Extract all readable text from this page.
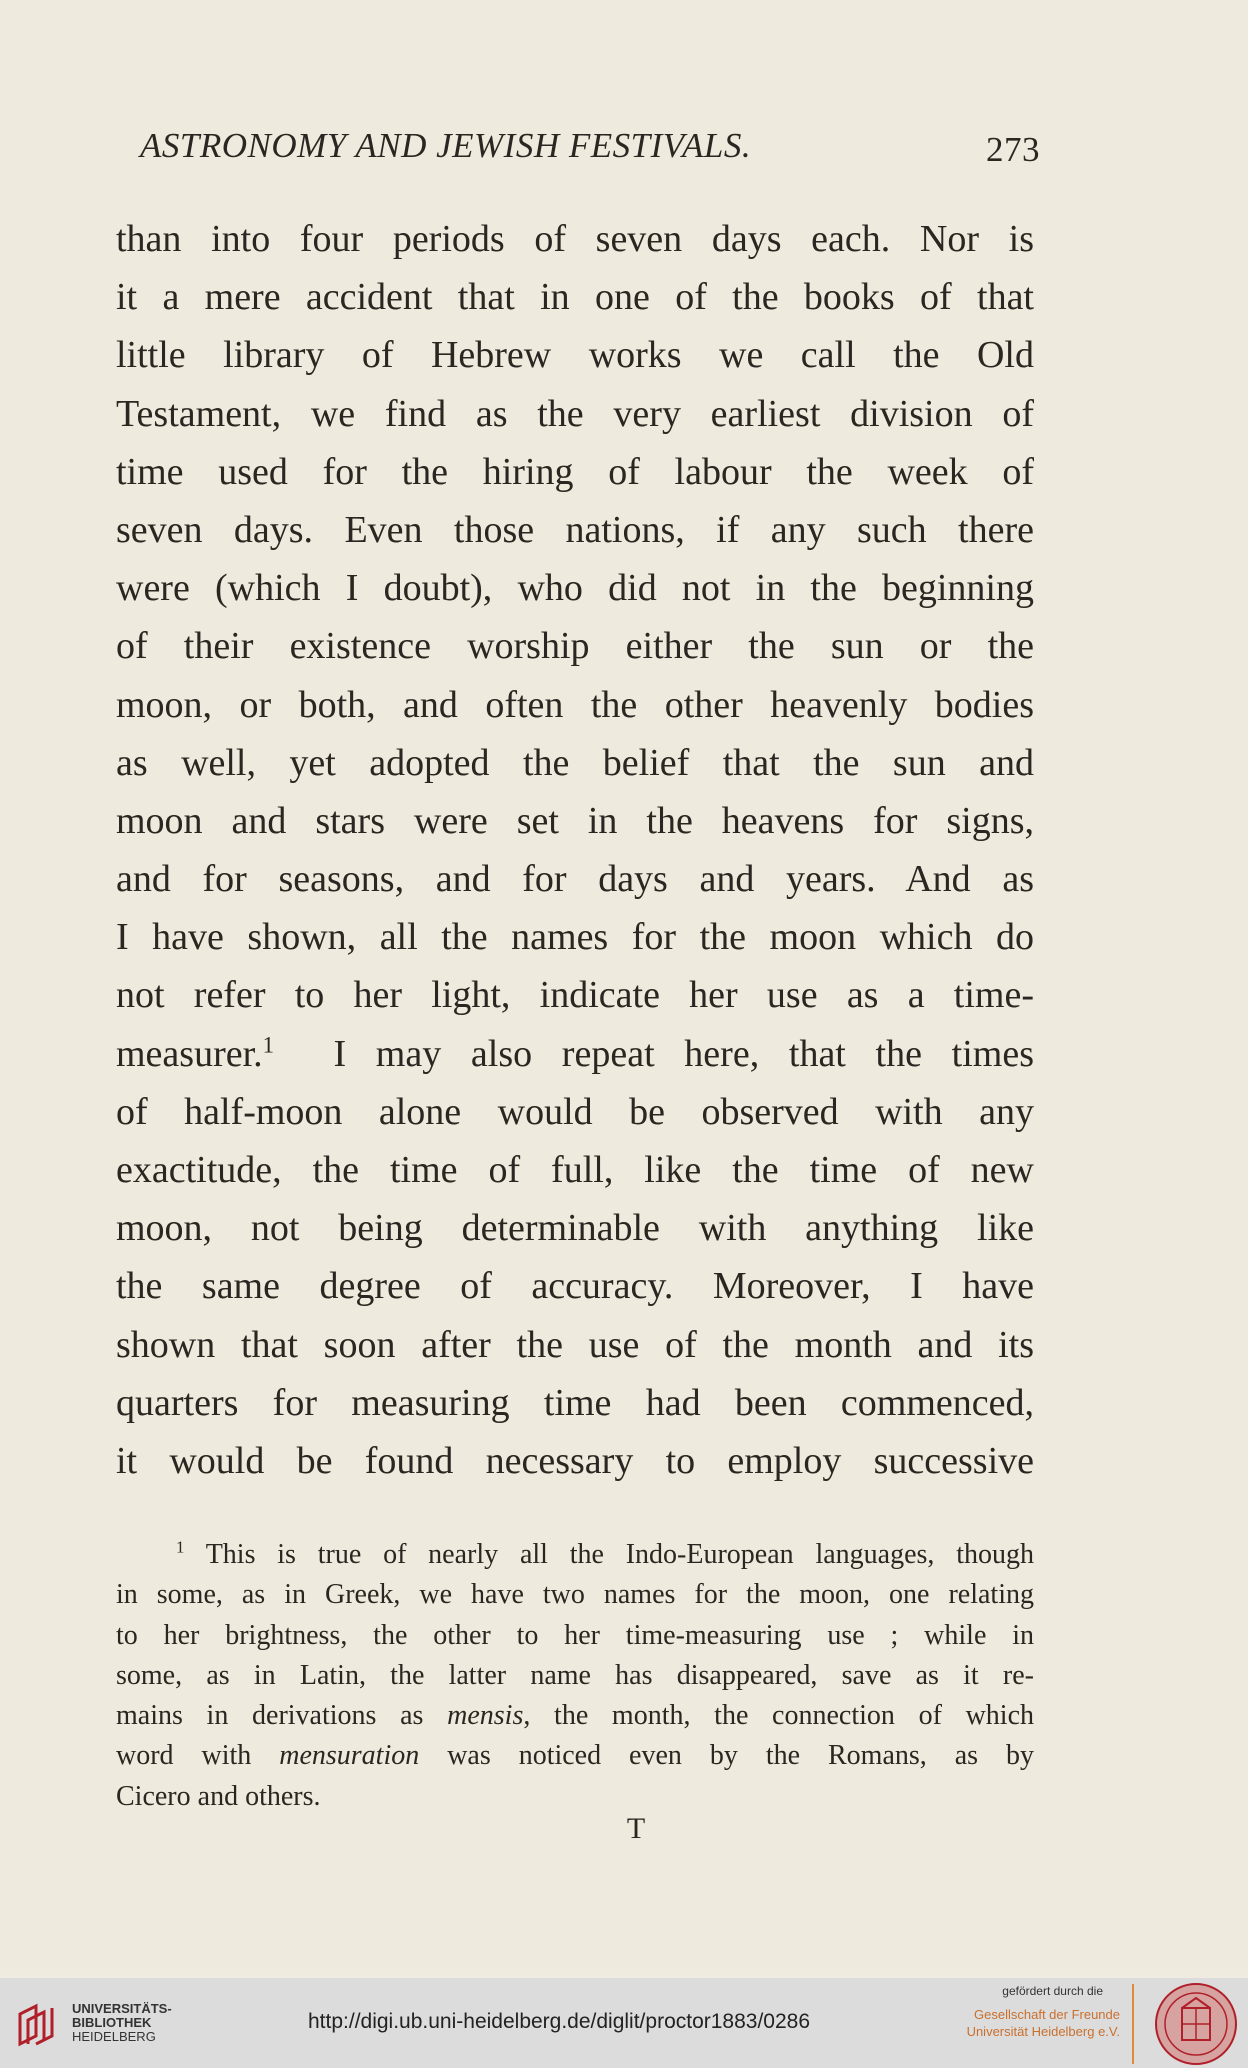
ASTRONOMY AND JEWISH FESTIVALS.	273
than into four periods of seven days each. Nor is
it a mere accident that in one of the books of that
little library of Hebrew works we call the Old
Testament, we find as the very earliest division of
time used for the hiring of labour the week of
seven days. Even those nations, if any such there
were (which I doubt), who did not in the beginning
of their existence worship either the sun or the
moon, or both, and often the other heavenly bodies
as well, yet adopted the belief that the sun and
moon and stars were set in the heavens for signs,
and for seasons, and for days and years. And as
I have shown, all the names for the moon which do
not refer to her light, indicate her use as a time-
measurer.$^1$ I may also repeat here, that the times
of half-moon alone would be observed with any
exactitude, the time of full, like the time of new
moon, not being determinable with anything like
the same degree of accuracy. Moreover, I have
shown that soon after the use of the month and its
quarters for measuring time had been commenced,
it would be found necessary to employ successive
$^1$ This is true of nearly all the Indo-European languages, though
in some, as in Greek, we have two names for the moon, one relating
to her brightness, the other to her time-measuring use ; while in
some, as in Latin, the latter name has disappeared, save as it re-
mains in derivations as mensis, the month, the connection of which
word with mensuration was noticed even by the Romans, as by
Cicero and others.
T
UNIVERSITÄTS-
BIBLIOTHEK
HEIDELBERG
http://digi.ub.uni-heidelberg.de/diglit/proctor1883/0286
gefördert durch die
Gesellschaft der Freunde
Universität Heidelberg e.V.
